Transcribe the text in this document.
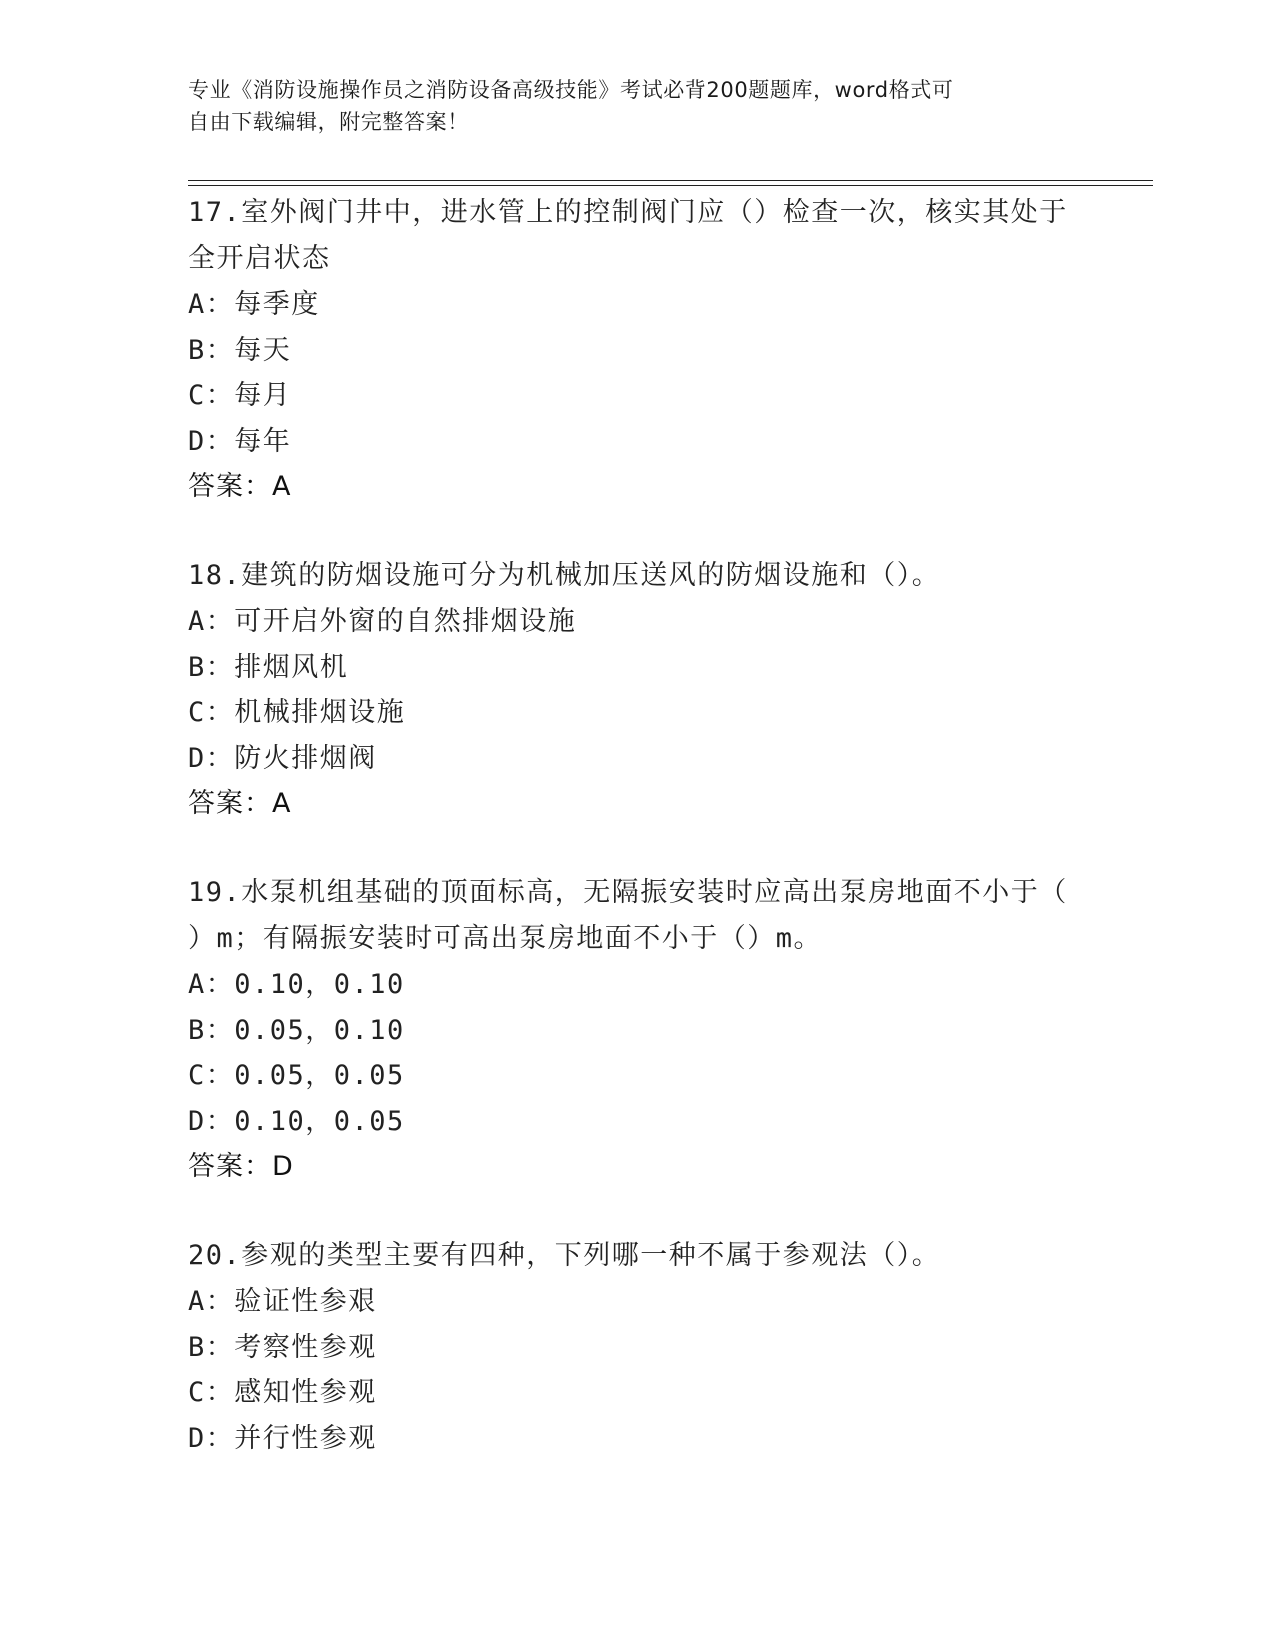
专业《消防设施操作员之消防设备高级技能》考试必背200题题库，word格式可
自由下载编辑，附完整答案！
17.室外阀门井中，进水管上的控制阀门应（）检查一次，核实其处于
全开启状态
A：每季度
B：每天
C：每月
D：每年
答案：A
18.建筑的防烟设施可分为机械加压送风的防烟设施和（）。
A：可开启外窗的自然排烟设施
B：排烟风机
C：机械排烟设施
D：防火排烟阀
答案：A
19.水泵机组基础的顶面标高，无隔振安装时应高出泵房地面不小于（
）m；有隔振安装时可高出泵房地面不小于（）m。
A：0.10，0.10
B：0.05，0.10
C：0.05，0.05
D：0.10，0.05
答案：D
20.参观的类型主要有四种，下列哪一种不属于参观法（）。
A：验证性参艰
B：考察性参观
C：感知性参观
D：并行性参观
